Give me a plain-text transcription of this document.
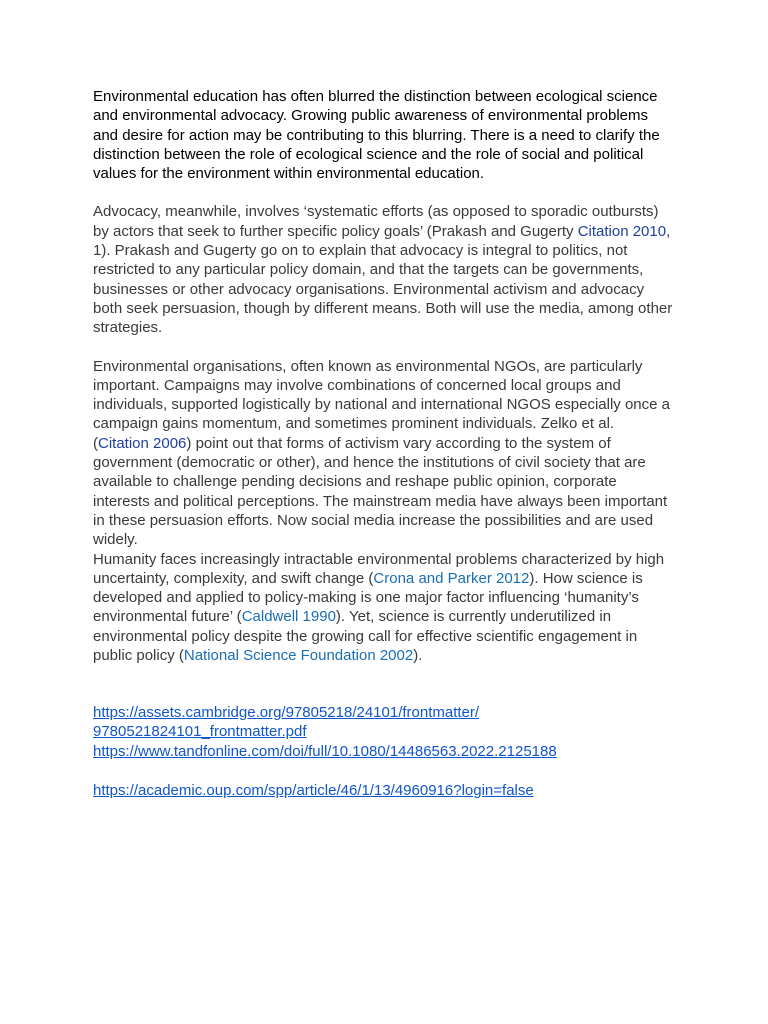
Environmental education has often blurred the distinction between ecological science and environmental advocacy. Growing public awareness of environmental problems and desire for action may be contributing to this blurring. There is a need to clarify the distinction between the role of ecological science and the role of social and political values for the environment within environmental education.

Advocacy, meanwhile, involves ‘systematic efforts (as opposed to sporadic outbursts) by actors that seek to further specific policy goals’ (Prakash and Gugerty Citation 2010, 1). Prakash and Gugerty go on to explain that advocacy is integral to politics, not restricted to any particular policy domain, and that the targets can be governments, businesses or other advocacy organisations. Environmental activism and advocacy both seek persuasion, though by different means. Both will use the media, among other strategies.

Environmental organisations, often known as environmental NGOs, are particularly important. Campaigns may involve combinations of concerned local groups and individuals, supported logistically by national and international NGOS especially once a campaign gains momentum, and sometimes prominent individuals. Zelko et al. (Citation 2006) point out that forms of activism vary according to the system of government (democratic or other), and hence the institutions of civil society that are available to challenge pending decisions and reshape public opinion, corporate interests and political perceptions. The mainstream media have always been important in these persuasion efforts. Now social media increase the possibilities and are used widely.

Humanity faces increasingly intractable environmental problems characterized by high uncertainty, complexity, and swift change (Crona and Parker 2012). How science is developed and applied to policy-making is one major factor influencing ‘humanity’s environmental future’ (Caldwell 1990). Yet, science is currently underutilized in environmental policy despite the growing call for effective scientific engagement in public policy (National Science Foundation 2002).

https://assets.cambridge.org/97805218/24101/frontmatter/
9780521824101_frontmatter.pdf
https://www.tandfonline.com/doi/full/10.1080/14486563.2022.2125188
https://academic.oup.com/spp/article/46/1/13/4960916?login=false
